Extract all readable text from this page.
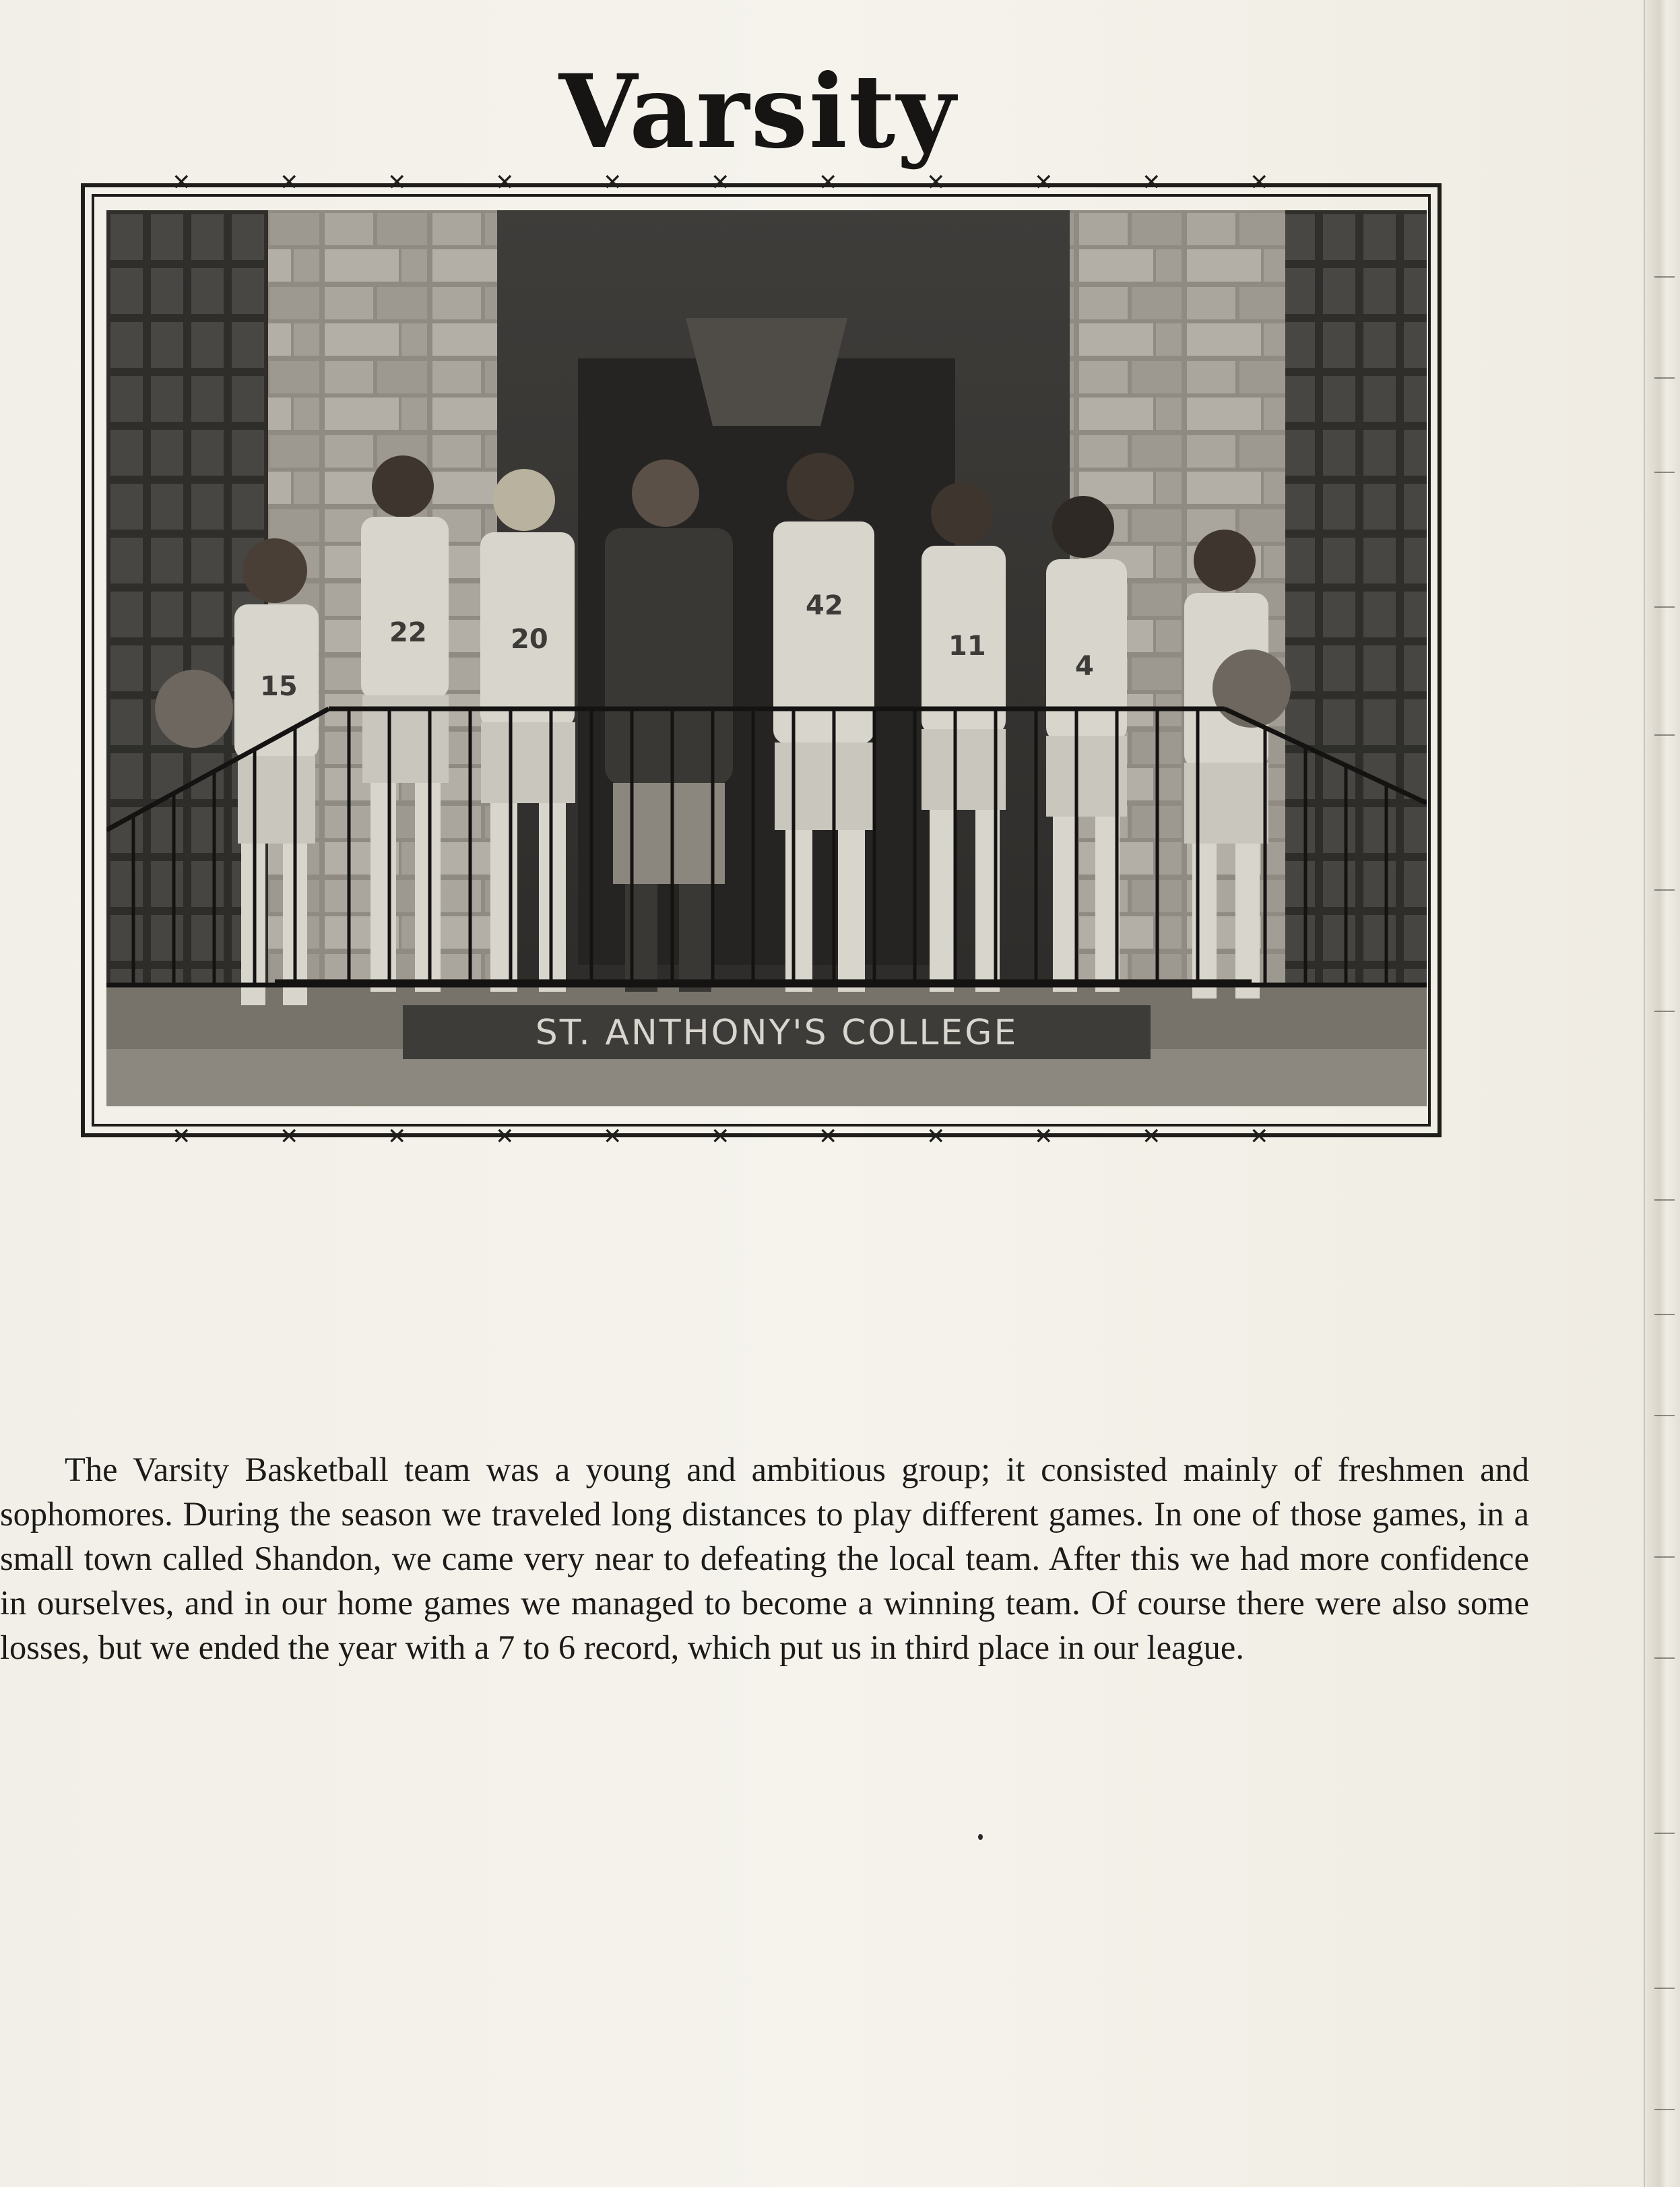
Varsity
✕	✕	✕	✕	✕	✕	✕	✕	✕	✕	✕
✕	✕	✕	✕	✕	✕	✕	✕	✕	✕	✕
ST. ANTHONY'S COLLEGE
15
22	20
42
11
4

The Varsity Basketball team was a young and ambitious group; it consisted mainly of freshmen and sophomores. During the season we traveled long distances to play different games. In one of those games, in a small town called Shandon, we came very near to defeating the local team. After this we had more confidence in ourselves, and in our home games we managed to become a winning team. Of course there were also some losses, but we ended the year with a 7 to 6 record, which put us in third place in our league.
